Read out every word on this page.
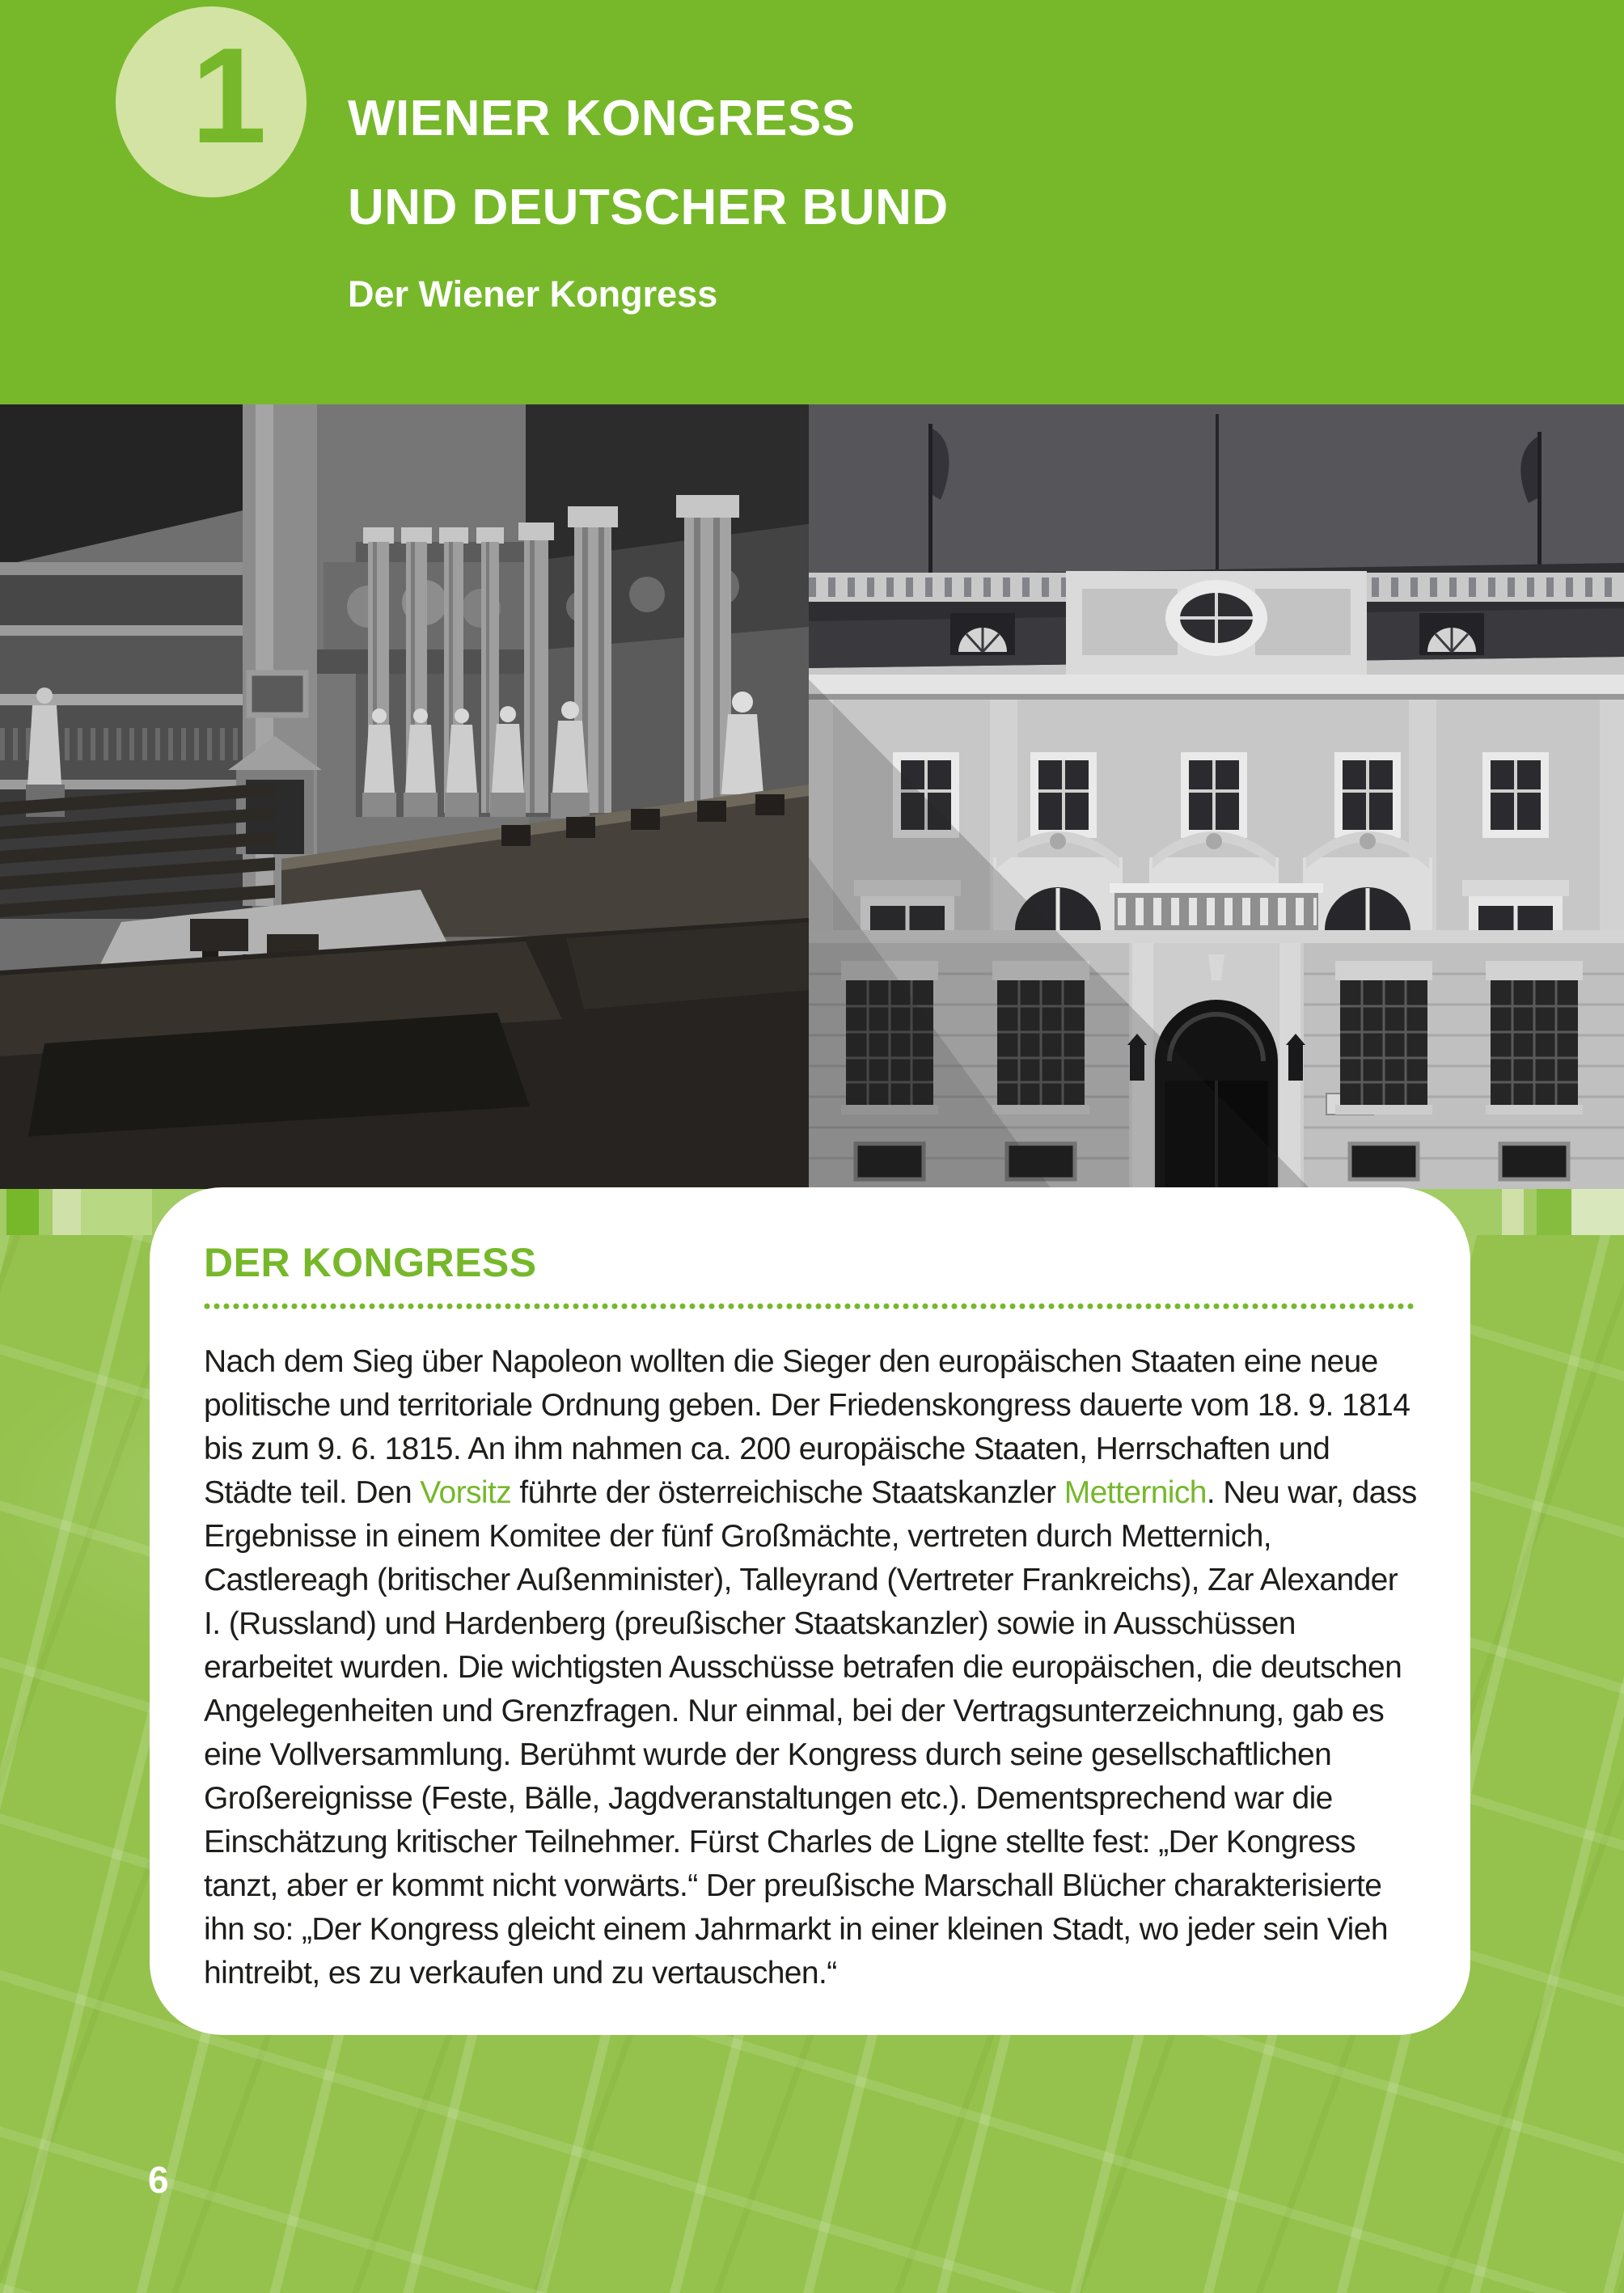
1 WIENER KONGRESS
UND DEUTSCHER BUND
Der Wiener Kongress
DER KONGRESS

Nach dem Sieg über Napoleon wollten die Sieger den europäischen Staaten eine neue politische und territoriale Ordnung geben. Der Friedenskongress dauerte vom 18. 9. 1814 bis zum 9. 6. 1815. An ihm nahmen ca. 200 europäische Staaten, Herrschaften und Städte teil. Den Vorsitz führte der österreichische Staatskanzler Metternich. Neu war, dass Ergebnisse in einem Komitee der fünf Großmächte, vertreten durch Metternich, Castlereagh (britischer Außenminister), Talleyrand (Vertreter Frankreichs), Zar Alexander I. (Russland) und Hardenberg (preußischer Staatskanzler) sowie in Ausschüssen erarbeitet wurden. Die wichtigsten Ausschüsse betrafen die europäischen, die deutschen Angelegenheiten und Grenzfragen. Nur einmal, bei der Vertragsunterzeichnung, gab es eine Vollversammlung. Berühmt wurde der Kongress durch seine gesellschaftlichen Großereignisse (Feste, Bälle, Jagdveranstaltungen etc.). Dementsprechend war die Einschätzung kritischer Teilnehmer. Fürst Charles de Ligne stellte fest: „Der Kongress tanzt, aber er kommt nicht vorwärts.“ Der preußische Marschall Blücher charakterisierte ihn so: „Der Kongress gleicht einem Jahrmarkt in einer kleinen Stadt, wo jeder sein Vieh hintreibt, es zu verkaufen und zu vertauschen.“

6
